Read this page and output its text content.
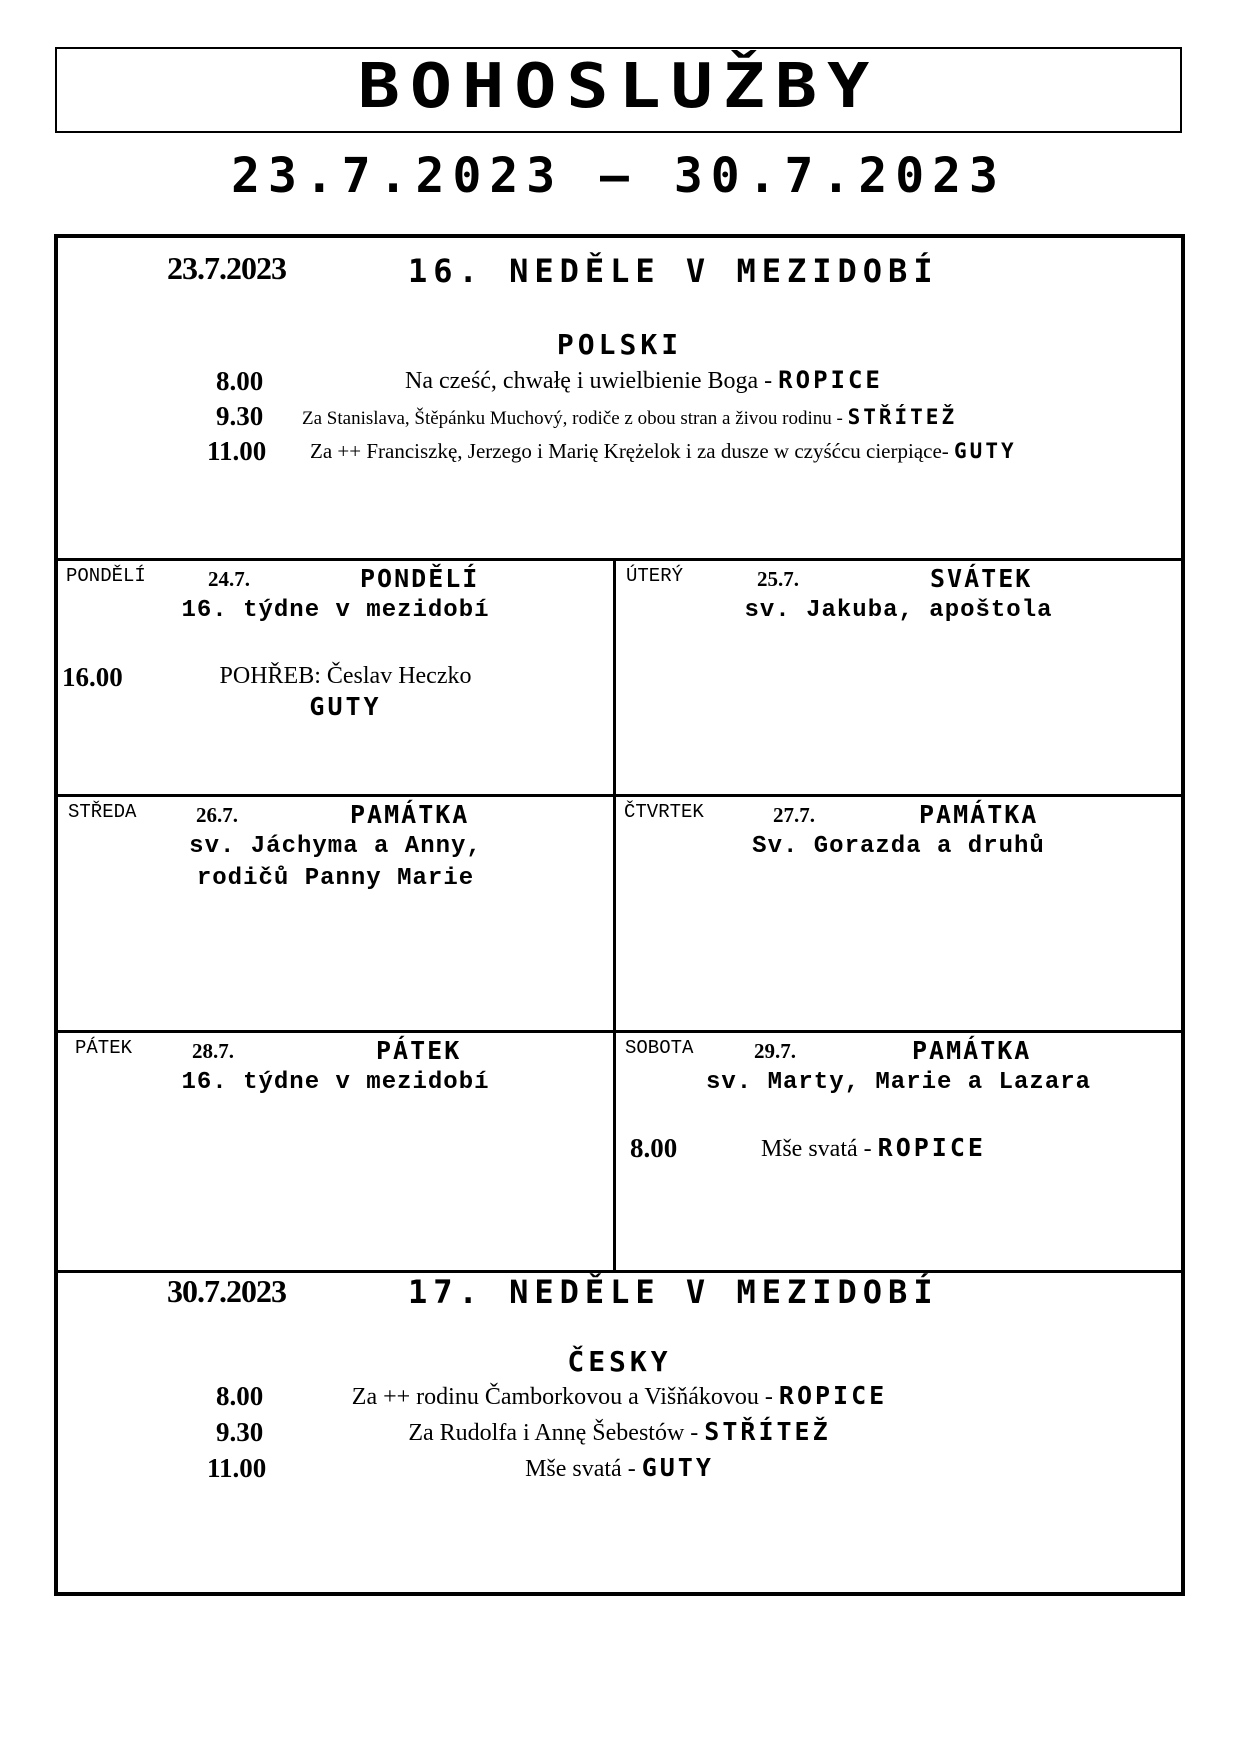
BOHOSLUŽBY
23.7.2023 – 30.7.2023
23.7.2023	16. NEDĚLE V MEZIDOBÍ
POLSKI
8.00	Na cześć, chwałę i uwielbienie Boga - ROPICE
9.30 Za Stanislava, Štěpánku Muchový, rodiče z obou stran a živou rodinu - STŘÍTEŽ
11.00 Za ++ Franciszkę, Jerzego i Marię Krężelok i za dusze w czyśćcu cierpiące- GUTY
PONDĚLÍ	24.7.	PONDĚLÍ
16. týdne v mezidobí
16.00	POHŘEB: Česlav Heczko
GUTY
ÚTERÝ	25.7.	SVÁTEK
sv. Jakuba, apoštola
STŘEDA	26.7.	PAMÁTKA
sv. Jáchyma a Anny,
rodičů Panny Marie
ČTVRTEK	27.7.	PAMÁTKA
Sv. Gorazda a druhů
PÁTEK	28.7.	PÁTEK
16. týdne v mezidobí
SOBOTA	29.7.	PAMÁTKA
sv. Marty, Marie a Lazara
8.00	Mše svatá - ROPICE
30.7.2023	17. NEDĚLE V MEZIDOBÍ
ČESKY
8.00	Za ++ rodinu Čamborkovou a Višňákovou - ROPICE
9.30	Za Rudolfa i Annę Šebestów - STŘÍTEŽ
11.00	Mše svatá - GUTY
